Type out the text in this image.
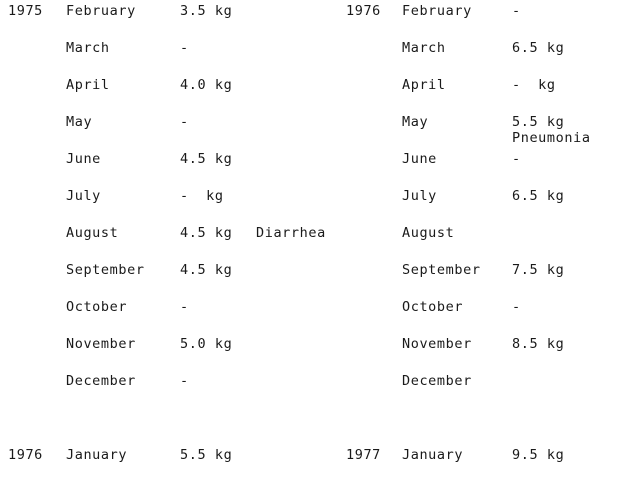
1975 February	3.5 kg
March	-
April	4.0 kg
May	-
June	4.5 kg
July	-  kg
August	4.5 kg Diarrhea
September	4.5 kg
October	-
November	5.0 kg
December	-
1976 January	5.5 kg
1976 February	-
March	6.5 kg
April	-  kg
May	5.5 kg
Pneumonia
June	-
July	6.5 kg
August
September 7.5 kg
October	-
November	8.5 kg
December
1977 January	9.5 kg
